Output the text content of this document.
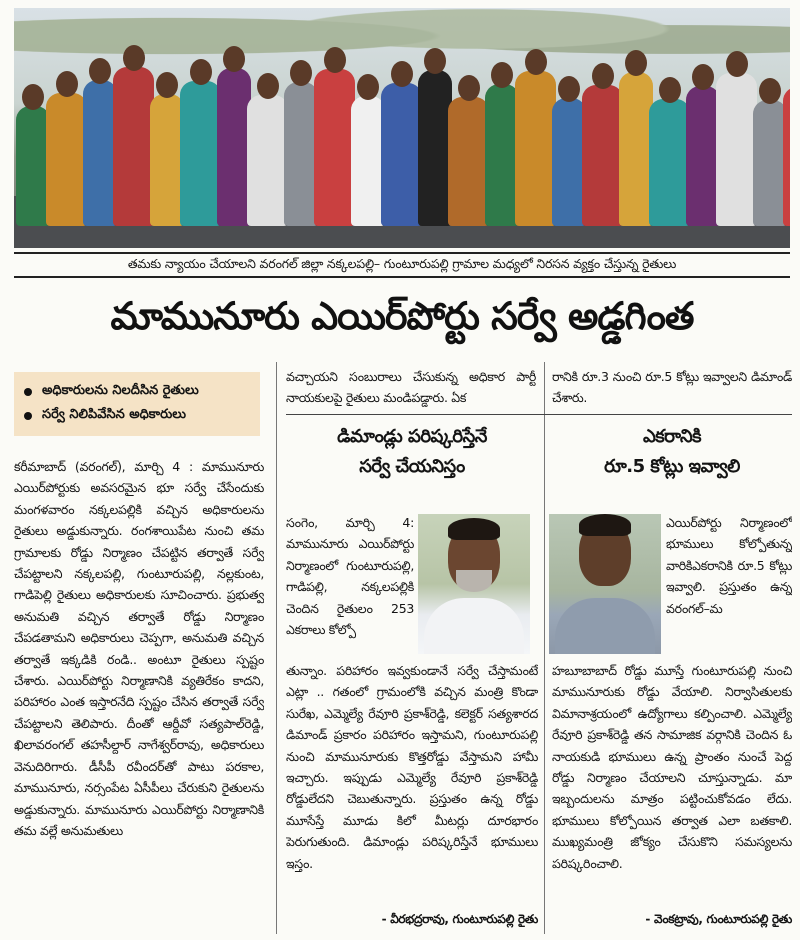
తమకు న్యాయం చేయాలని వరంగల్‌ జిల్లా నక్కలపల్లి– గుంటూరుపల్లి గ్రామాల మధ్యలో నిరసన వ్యక్తం చేస్తున్న రైతులు
మామునూరు ఎయిర్‌పోర్టు సర్వే అడ్డగింత
అధికారులను నిలదీసిన రైతులు
సర్వే నిలిపివేసిన అధికారులు
కరీమాబాద్‌ (వరంగల్‌), మార్చి 4 : మామునూరు ఎయిర్‌పోర్టుకు అవసరమైన భూ సర్వే చేసేందుకు మంగళవారం నక్కలపల్లికి వచ్చిన అధికారులను రైతులు అడ్డుకున్నారు. రంగశాయిపేట నుంచి తమ గ్రామాలకు రోడ్డు నిర్మాణం చేపట్టిన తర్వాతే సర్వే చేపట్టాలని నక్కలపల్లి, గుంటూరుపల్లి, నల్లకుంట, గాడిపెల్లి రైతులు అధికారులకు సూచించారు. ప్రభుత్వ అనుమతి వచ్చిన తర్వాతే రోడ్డు నిర్మాణం చేపడతామని అధికారులు చెప్పగా, అనుమతి వచ్చిన తర్వాతే ఇక్కడికి రండి.. అంటూ రైతులు స్పష్టం చేశారు. ఎయిర్‌పోర్టు నిర్మాణానికి వ్యతిరేకం కాదని, పరిహారం ఎంత ఇస్తారనేది స్పష్టం చేసిన తర్వాతే సర్వే చేపట్టాలని తెలిపారు. దీంతో ఆర్డీవో సత్యపాల్‌రెడ్డి, ఖిలావరంగల్‌ తహసీల్దార్‌ నాగేశ్వర్‌రావు, అధికారులు వెనుదిరిగారు. డీసీపీ రవీందర్‌తో పాటు పరకాల, మామునూరు, నర్సంపేట ఏసీపీలు చేరుకుని రైతులను అడ్డుకున్నారు. మామునూరు ఎయిర్‌పోర్టు నిర్మాణానికి తమ వల్లే అనుమతులు
వచ్చాయని సంబురాలు చేసుకున్న అధికార పార్టీ నాయకులపై రైతులు మండిపడ్డారు. ఏక
రానికి రూ.3 నుంచి రూ.5 కోట్లు ఇవ్వాలని డిమాండ్‌ చేశారు.
డిమాండ్లు పరిష్కరిస్తేనే
సర్వే చేయనిస్తం
సంగెం, మార్చి 4: మామునూరు ఎయిర్‌పోర్టు నిర్మాణంలో గుంటూరుపల్లి, గాడిపల్లి, నక్కలపల్లికి చెందిన రైతులం 253 ఎకరాలు కోల్పో
తున్నాం. పరిహారం ఇవ్వకుండానే సర్వే చేస్తామంటే ఎట్లా .. గతంలో గ్రామంలోకి వచ్చిన మంత్రి కొండా సురేఖ, ఎమ్మెల్యే రేవూరి ప్రకాశ్‌రెడ్డి, కలెక్టర్‌ సత్యశారద డిమాండ్‌ ప్రకారం పరిహారం ఇస్తామని, గుంటూరుపల్లి నుంచి మామునూరుకు కొత్తరోడ్డు వేస్తామని హామీ ఇచ్చారు. ఇప్పుడు ఎమ్మెల్యే రేవూరి ప్రకాశ్‌రెడ్డి రోడ్డులేదని చెబుతున్నారు. ప్రస్తుతం ఉన్న రోడ్డు మూసేస్తే మూడు కిలో మీటర్లు దూరభారం పెరుగుతుంది. డిమాండ్లు పరిష్కరిస్తేనే భూములు ఇస్తం.
- వీరభద్రరావు, గుంటూరుపల్లి రైతు
ఎకరానికి
రూ.5 కోట్లు ఇవ్వాలి
ఎయిర్‌పోర్టు నిర్మాణంలో భూములు కోల్పోతున్న వారికిఎకరానికి రూ.5 కోట్లు ఇవ్వాలి. ప్రస్తుతం ఉన్న వరంగల్‌–మ
హబూబాబాద్‌ రోడ్డు మూస్తే గుంటూరుపల్లి నుంచి మామునూరుకు రోడ్డు వేయాలి. నిర్వాసితులకు విమానాశ్రయంలో ఉద్యోగాలు కల్పించాలి. ఎమ్మెల్యే రేవూరి ప్రకాశ్‌రెడ్డి తన సామాజిక వర్గానికి చెందిన ఓ నాయకుడి భూములు ఉన్న ప్రాంతం నుంచే పెద్ద రోడ్డు నిర్మాణం చేయాలని చూస్తున్నాడు. మా ఇబ్బందులను మాత్రం పట్టించుకోవడం లేదు. భూములు కోల్పోయిన తర్వాత ఎలా బతకాలి. ముఖ్యమంత్రి జోక్యం చేసుకొని సమస్యలను పరిష్కరించాలి.
- వెంకట్రావు, గుంటూరుపల్లి రైతు
